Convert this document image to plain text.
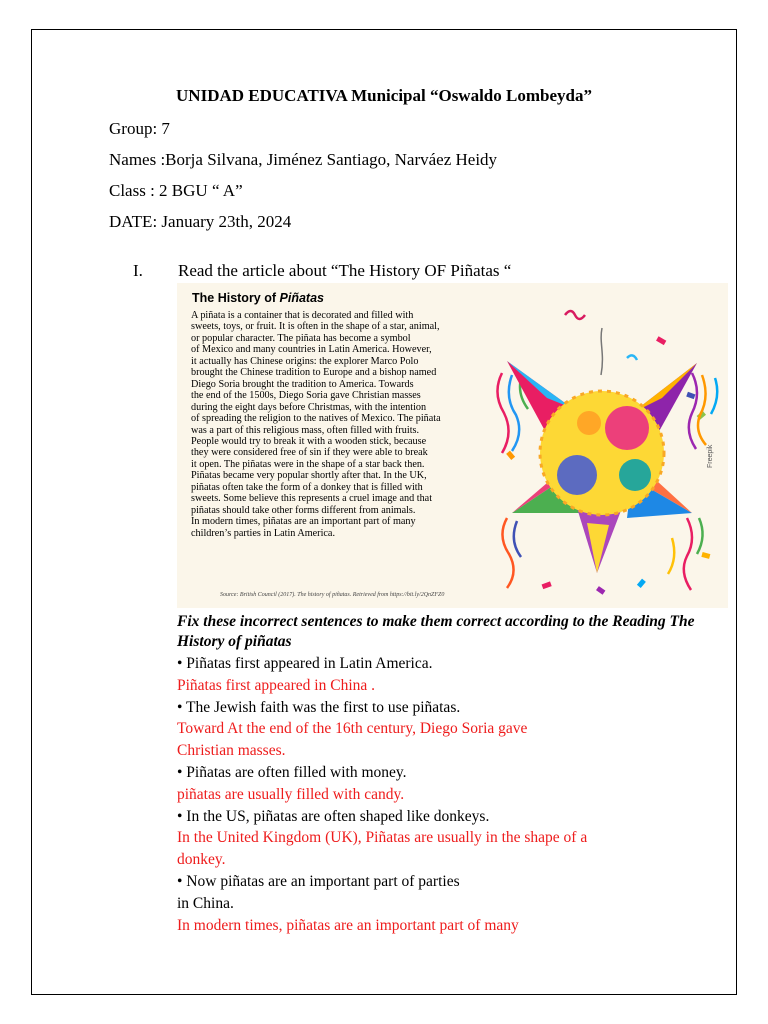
UNIDAD EDUCATIVA Municipal “Oswaldo Lombeyda”
Group: 7
Names :Borja Silvana, Jiménez Santiago, Narváez Heidy
Class : 2 BGU “ A”
DATE: January 23th, 2024
I. Read the article about “The History OF Piñatas “
The History of Piñatas
A piñata is a container that is decorated and filled with
sweets, toys, or fruit. It is often in the shape of a star, animal,
or popular character. The piñata has become a symbol
of Mexico and many countries in Latin America. However,
it actually has Chinese origins: the explorer Marco Polo
brought the Chinese tradition to Europe and a bishop named
Diego Soria brought the tradition to America. Towards
the end of the 1500s, Diego Soria gave Christian masses
during the eight days before Christmas, with the intention
of spreading the religion to the natives of Mexico. The piñata
was a part of this religious mass, often filled with fruits.
People would try to break it with a wooden stick, because
they were considered free of sin if they were able to break
it open. The piñatas were in the shape of a star back then.
Piñatas became very popular shortly after that. In the UK,
piñatas often take the form of a donkey that is filled with
sweets. Some believe this represents a cruel image and that
piñatas should take other forms different from animals.
In modern times, piñatas are an important part of many
children’s parties in Latin America.
Source: British Council (2017). The history of piñatas. Retrieved from https://bit.ly/2QnZFZ0
Freepik
Fix these incorrect sentences to make them correct according to the Reading The History of piñatas
• Piñatas first appeared in Latin America.
Piñatas first appeared in China .
• The Jewish faith was the first to use piñatas.
Toward At the end of the 16th century, Diego Soria gave
Christian masses.
• Piñatas are often filled with money.
piñatas are usually filled with candy.
• In the US, piñatas are often shaped like donkeys.
In the United Kingdom (UK), Piñatas are usually in the shape of a
donkey.
• Now piñatas are an important part of parties
in China.
In modern times, piñatas are an important part of many
